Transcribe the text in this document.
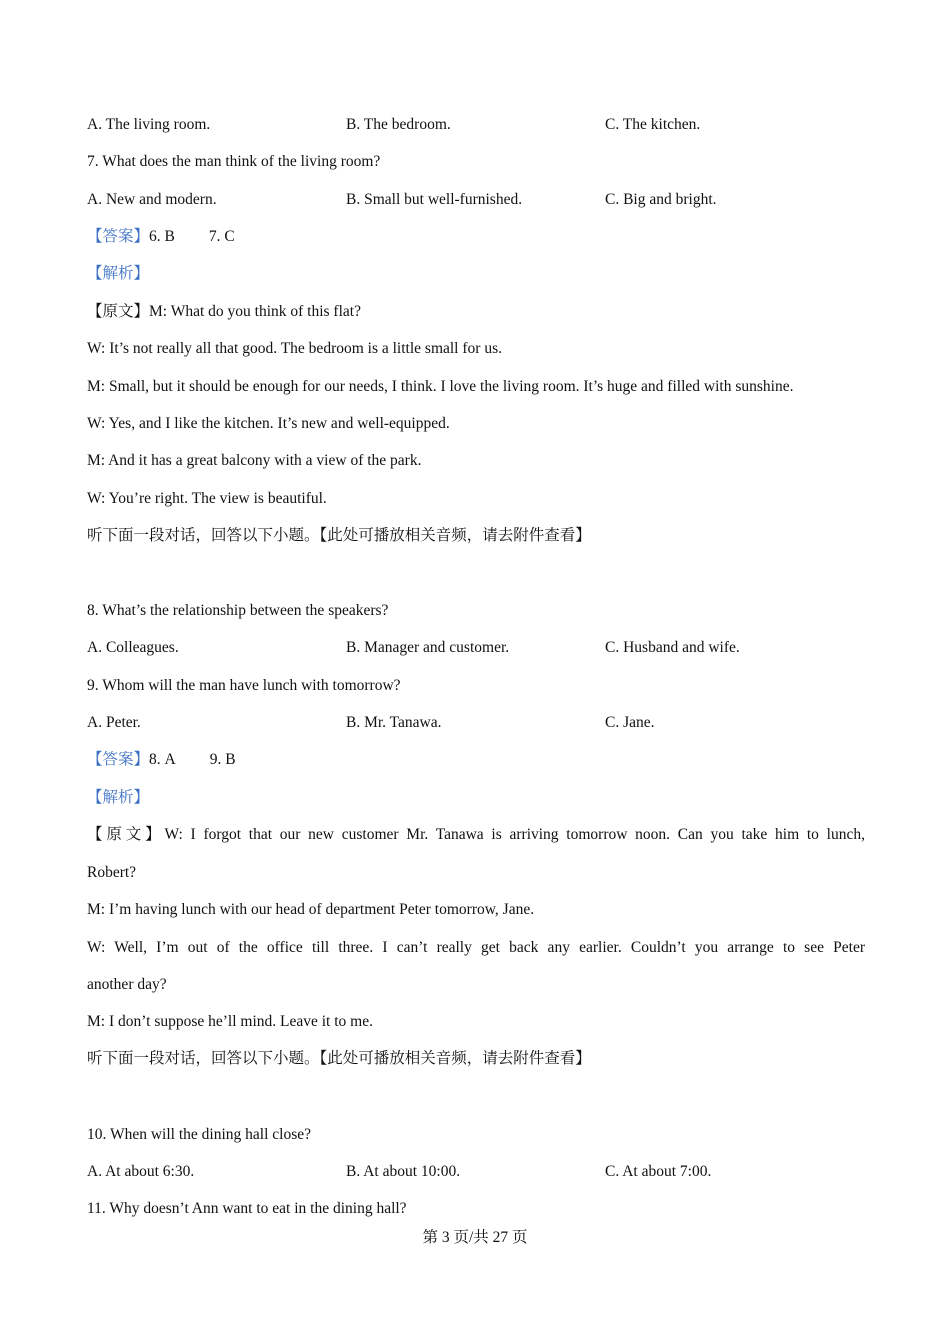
A. The living room.	B. The bedroom.	C. The kitchen.
7. What does the man think of the living room?
A. New and modern.	B. Small but well-furnished.	C. Big and bright.
【答案】6. B 7. C
【解析】
【原文】M: What do you think of this flat?
W: It’s not really all that good. The bedroom is a little small for us.
M: Small, but it should be enough for our needs, I think. I love the living room. It’s huge and filled with sunshine.
W: Yes, and I like the kitchen. It’s new and well-equipped.
M: And it has a great balcony with a view of the park.
W: You’re right. The view is beautiful.
听下面一段对话，回答以下小题。【此处可播放相关音频，请去附件查看】
8. What’s the relationship between the speakers?
A. Colleagues.	B. Manager and customer.	C. Husband and wife.
9. Whom will the man have lunch with tomorrow?
A. Peter.	B. Mr. Tanawa.	C. Jane.
【答案】8. A 9. B
【解析】
【原文】W: I forgot that our new customer Mr. Tanawa is arriving tomorrow noon. Can you take him to lunch,
Robert?
M: I’m having lunch with our head of department Peter tomorrow, Jane.
W: Well, I’m out of the office till three. I can’t really get back any earlier. Couldn’t you arrange to see Peter
another day?
M: I don’t suppose he’ll mind. Leave it to me.
听下面一段对话，回答以下小题。【此处可播放相关音频，请去附件查看】
10. When will the dining hall close?
A. At about 6:30.	B. At about 10:00.	C. At about 7:00.
11. Why doesn’t Ann want to eat in the dining hall?
第 3 页/共 27 页
